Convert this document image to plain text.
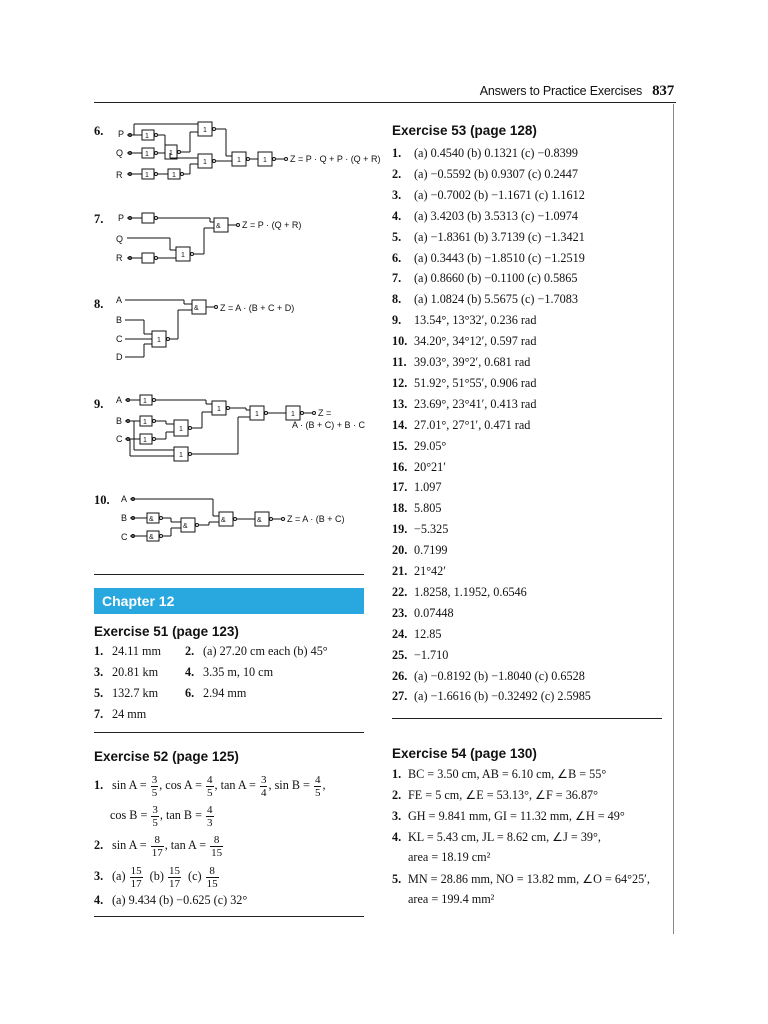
Answers to Practice Exercises 837
6. P
Q
R
Z = P · Q + P · (Q + R)
1
1
1
1
1
1
1	1	1
7. P
Q
R
Z = P · (Q + R)
1
&
8. A
B
C
D
Z = A · (B + C + D)
1
&
9. A
B
C
Z =
A · (B + C) + B · C
1
1
1
1
1
1
1	1
10. A
B
C
Z = A · (B + C)
&
&
&
&	&
Chapter 12
Exercise 51 (page 123)
1. 24.11 mm 2. (a) 27.20 cm each (b) 45°
3. 20.81 km 4. 3.35 m, 10 cm
5. 132.7 km 6. 2.94 mm
7. 24 mm
Exercise 52 (page 125)
1. $\sin A = \frac{3}{5}$ , $\cos A = \frac{4}{5}$ , $\tan A = \frac{3}{4}$ , $\sin B = \frac{4}{5}$ ,
$\cos B = \frac{3}{5}$ , $\tan B = \frac{4}{3}$
2. $\sin A = \frac{8}{17}$ , $\tan A = \frac{8}{15}$
3. $(a) \frac{15}{17} (b) \frac{15}{17} (c) \frac{8}{15}$
4. (a) 9.434 (b) −0.625 (c) 32°
Exercise 53 (page 128)
1. (a) 0.4540 (b) 0.1321 (c) −0.8399
2. (a) −0.5592 (b) 0.9307 (c) 0.2447
3. (a) −0.7002 (b) −1.1671 (c) 1.1612
4. (a) 3.4203 (b) 3.5313 (c) −1.0974
5. (a) −1.8361 (b) 3.7139 (c) −1.3421
6. (a) 0.3443 (b) −1.8510 (c) −1.2519
7. (a) 0.8660 (b) −0.1100 (c) 0.5865
8. (a) 1.0824 (b) 5.5675 (c) −1.7083
9. 13.54°, 13°32′, 0.236 rad
10. 34.20°, 34°12′, 0.597 rad
11. 39.03°, 39°2′, 0.681 rad
12. 51.92°, 51°55′, 0.906 rad
13. 23.69°, 23°41′, 0.413 rad
14. 27.01°, 27°1′, 0.471 rad
15. 29.05°
16. 20°21′
17. 1.097
18. 5.805
19. −5.325
20. 0.7199
21. 21°42′
22. 1.8258, 1.1952, 0.6546
23. 0.07448
24. 12.85
25. −1.710
26. (a) −0.8192 (b) −1.8040 (c) 0.6528
27. (a) −1.6616 (b) −0.32492 (c) 2.5985
Exercise 54 (page 130)
1. BC = 3.50 cm, AB = 6.10 cm, ∠B = 55°
2. FE = 5 cm, ∠E = 53.13°, ∠F = 36.87°
3. GH = 9.841 mm, GI = 11.32 mm, ∠H = 49°
4. KL = 5.43 cm, JL = 8.62 cm, ∠J = 39°,
area = 18.19 cm²
5. MN = 28.86 mm, NO = 13.82 mm, ∠O = 64°25′,
area = 199.4 mm²
